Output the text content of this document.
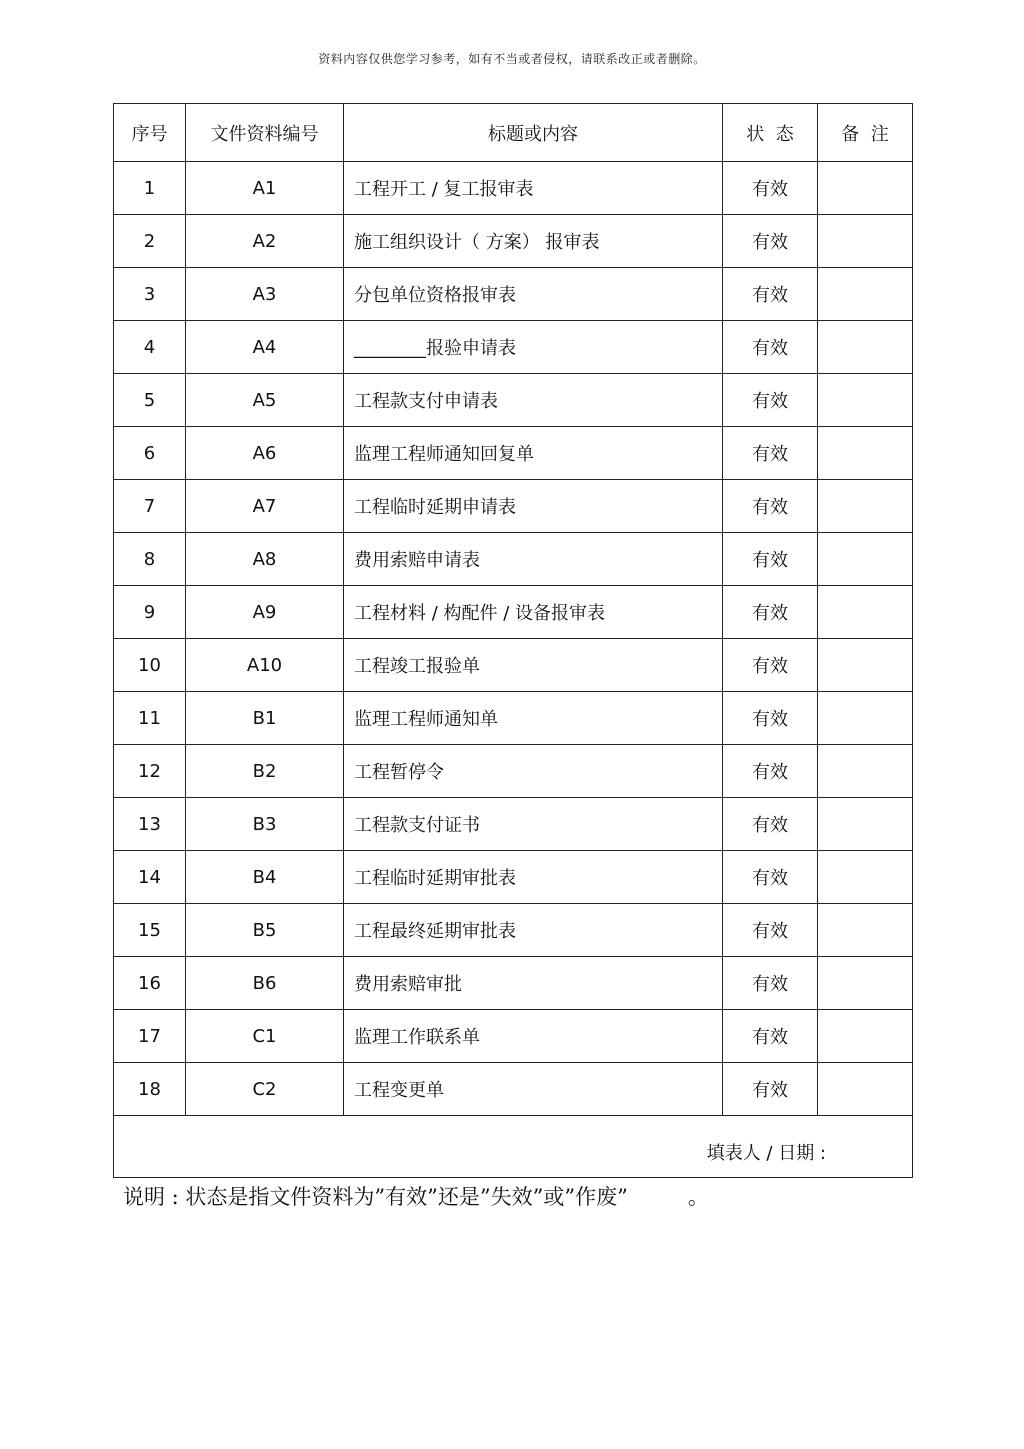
资料内容仅供您学习参考，如有不当或者侵权，请联系改正或者删除。
序号	文件资料编号	标题或内容	状  态	备  注
1	A1	工程开工 / 复工报审表	有效	
2	A2	施工组织设计（ 方案） 报审表	有效	
3	A3	分包单位资格报审表	有效	
4	A4	________报验申请表	有效	
5	A5	工程款支付申请表	有效	
6	A6	监理工程师通知回复单	有效	
7	A7	工程临时延期申请表	有效	
8	A8	费用索赔申请表	有效	
9	A9	工程材料 / 构配件 / 设备报审表	有效	
10	A10	工程竣工报验单	有效	
11	B1	监理工程师通知单	有效	
12	B2	工程暂停令	有效	
13	B3	工程款支付证书	有效	
14	B4	工程临时延期审批表	有效	
15	B5	工程最终延期审批表	有效	
16	B6	费用索赔审批	有效	
17	C1	监理工作联系单	有效	
18	C2	工程变更单	有效	
填表人 / 日期 :				
说明 : 状态是指文件资料为”有效”还是”失效”或”作废”         。
